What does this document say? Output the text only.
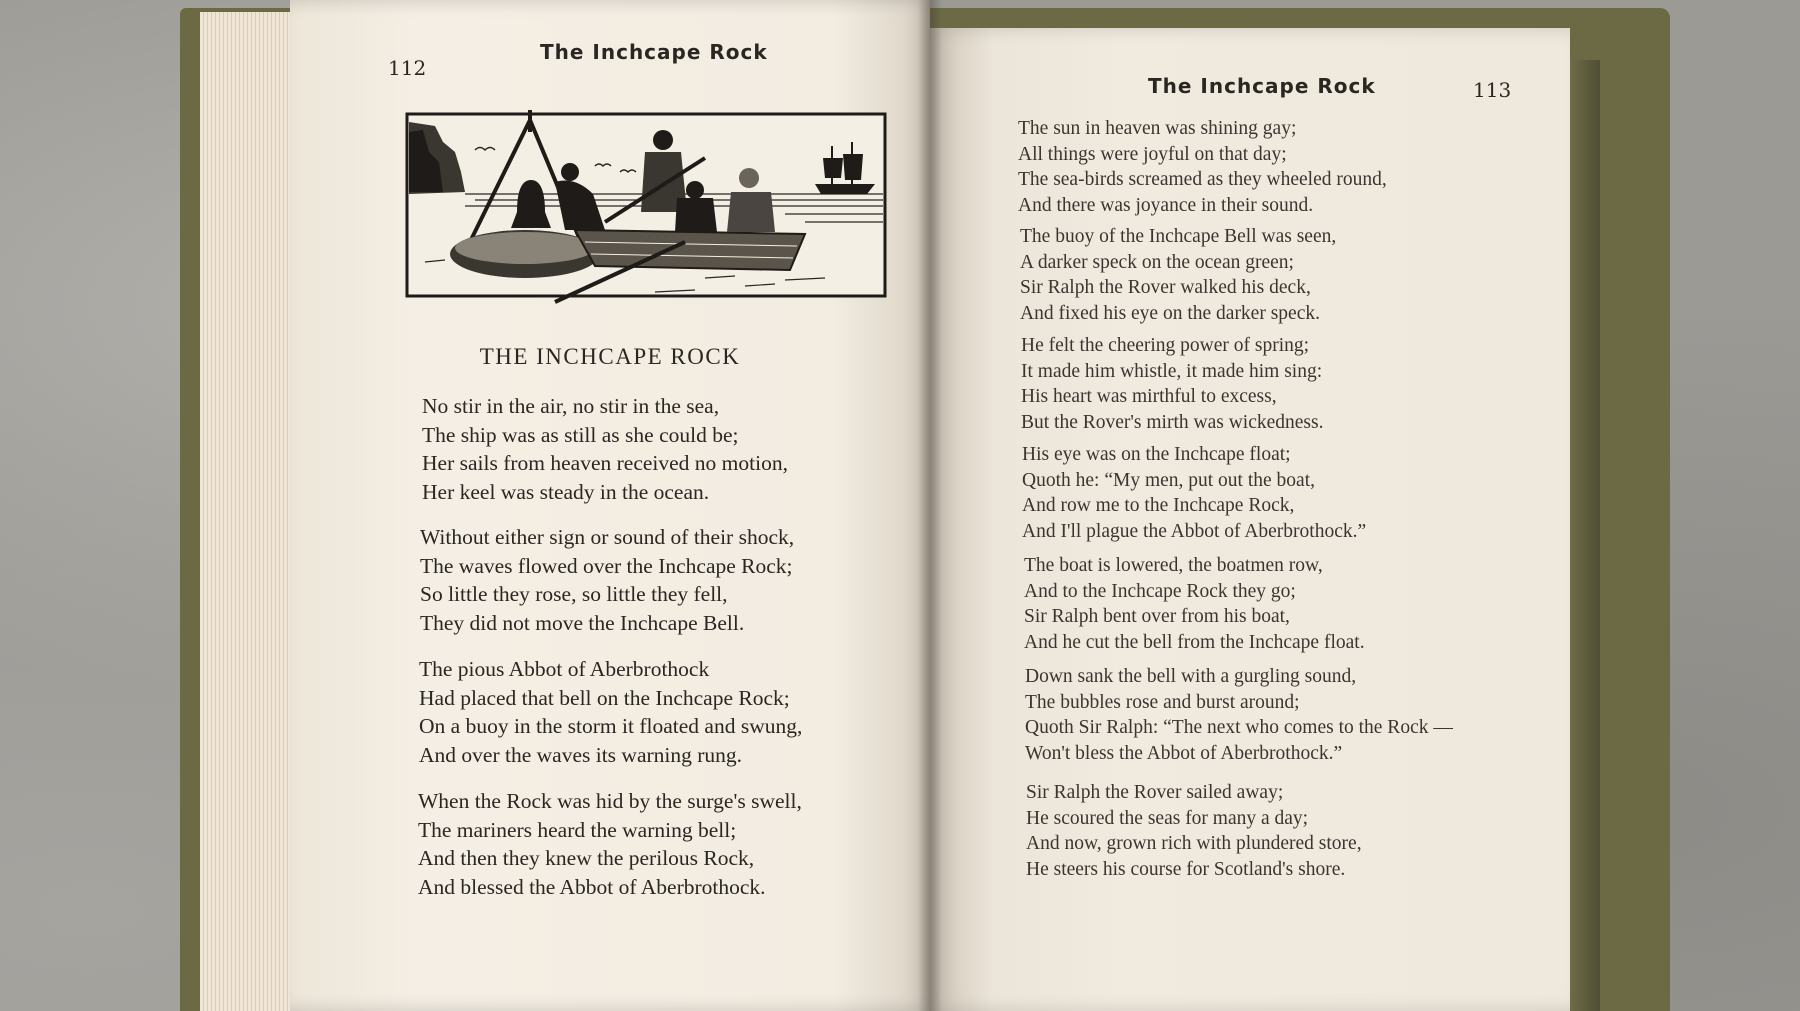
112
The Inchcape Rock
THE INCHCAPE ROCK
No stir in the air, no stir in the sea,
The ship was as still as she could be;
Her sails from heaven received no motion,
Her keel was steady in the ocean.
Without either sign or sound of their shock,
The waves flowed over the Inchcape Rock;
So little they rose, so little they fell,
They did not move the Inchcape Bell.
The pious Abbot of Aberbrothock
Had placed that bell on the Inchcape Rock;
On a buoy in the storm it floated and swung,
And over the waves its warning rung.
When the Rock was hid by the surge's swell,
The mariners heard the warning bell;
And then they knew the perilous Rock,
And blessed the Abbot of Aberbrothock.
The Inchcape Rock	113
The sun in heaven was shining gay;
All things were joyful on that day;
The sea-birds screamed as they wheeled round,
And there was joyance in their sound.
The buoy of the Inchcape Bell was seen,
A darker speck on the ocean green;
Sir Ralph the Rover walked his deck,
And fixed his eye on the darker speck.
He felt the cheering power of spring;
It made him whistle, it made him sing:
His heart was mirthful to excess,
But the Rover's mirth was wickedness.
His eye was on the Inchcape float;
Quoth he: “My men, put out the boat,
And row me to the Inchcape Rock,
And I'll plague the Abbot of Aberbrothock.”
The boat is lowered, the boatmen row,
And to the Inchcape Rock they go;
Sir Ralph bent over from his boat,
And he cut the bell from the Inchcape float.
Down sank the bell with a gurgling sound,
The bubbles rose and burst around;
Quoth Sir Ralph: “The next who comes to the Rock —
Won't bless the Abbot of Aberbrothock.”
Sir Ralph the Rover sailed away;
He scoured the seas for many a day;
And now, grown rich with plundered store,
He steers his course for Scotland's shore.
